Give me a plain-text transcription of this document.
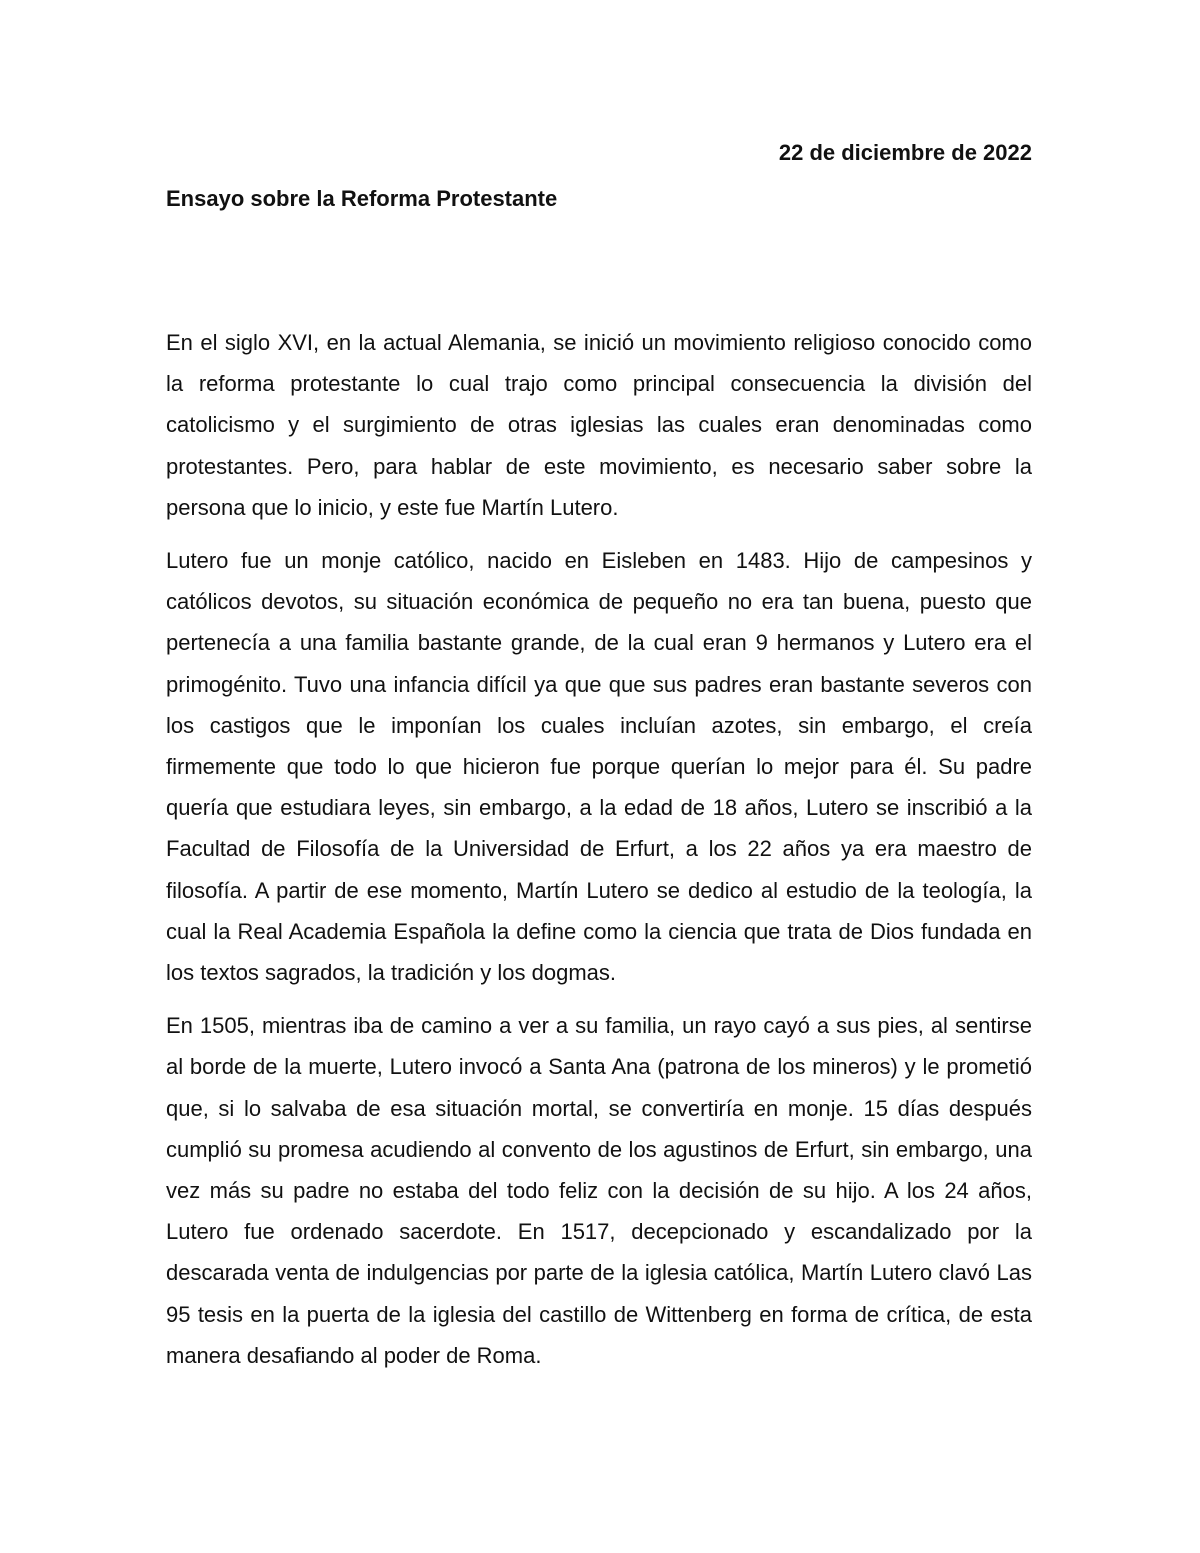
22 de diciembre de 2022

Ensayo sobre la Reforma Protestante

En el siglo XVI, en la actual Alemania, se inició un movimiento religioso conocido como la reforma protestante lo cual trajo como principal consecuencia la división del catolicismo y el surgimiento de otras iglesias las cuales eran denominadas como protestantes. Pero, para hablar de este movimiento, es necesario saber sobre la persona que lo inicio, y este fue Martín Lutero.

Lutero fue un monje católico, nacido en Eisleben en 1483. Hijo de campesinos y católicos devotos, su situación económica de pequeño no era tan buena, puesto que pertenecía a una familia bastante grande, de la cual eran 9 hermanos y Lutero era el primogénito. Tuvo una infancia difícil ya que que sus padres eran bastante severos con los castigos que le imponían los cuales incluían azotes, sin embargo, el creía firmemente que todo lo que hicieron fue porque querían lo mejor para él. Su padre quería que estudiara leyes, sin embargo, a la edad de 18 años, Lutero se inscribió a la Facultad de Filosofía de la Universidad de Erfurt, a los 22 años ya era maestro de filosofía. A partir de ese momento, Martín Lutero se dedico al estudio de la teología, la cual la Real Academia Española la define como la ciencia que trata de Dios fundada en los textos sagrados, la tradición y los dogmas.

En 1505, mientras iba de camino a ver a su familia, un rayo cayó a sus pies, al sentirse al borde de la muerte, Lutero invocó a Santa Ana (patrona de los mineros) y le prometió que, si lo salvaba de esa situación mortal, se convertiría en monje. 15 días después cumplió su promesa acudiendo al convento de los agustinos de Erfurt, sin embargo, una vez más su padre no estaba del todo feliz con la decisión de su hijo. A los 24 años, Lutero fue ordenado sacerdote. En 1517, decepcionado y escandalizado por la descarada venta de indulgencias por parte de la iglesia católica, Martín Lutero clavó Las 95 tesis en la puerta de la iglesia del castillo de Wittenberg en forma de crítica, de esta manera desafiando al poder de Roma.
